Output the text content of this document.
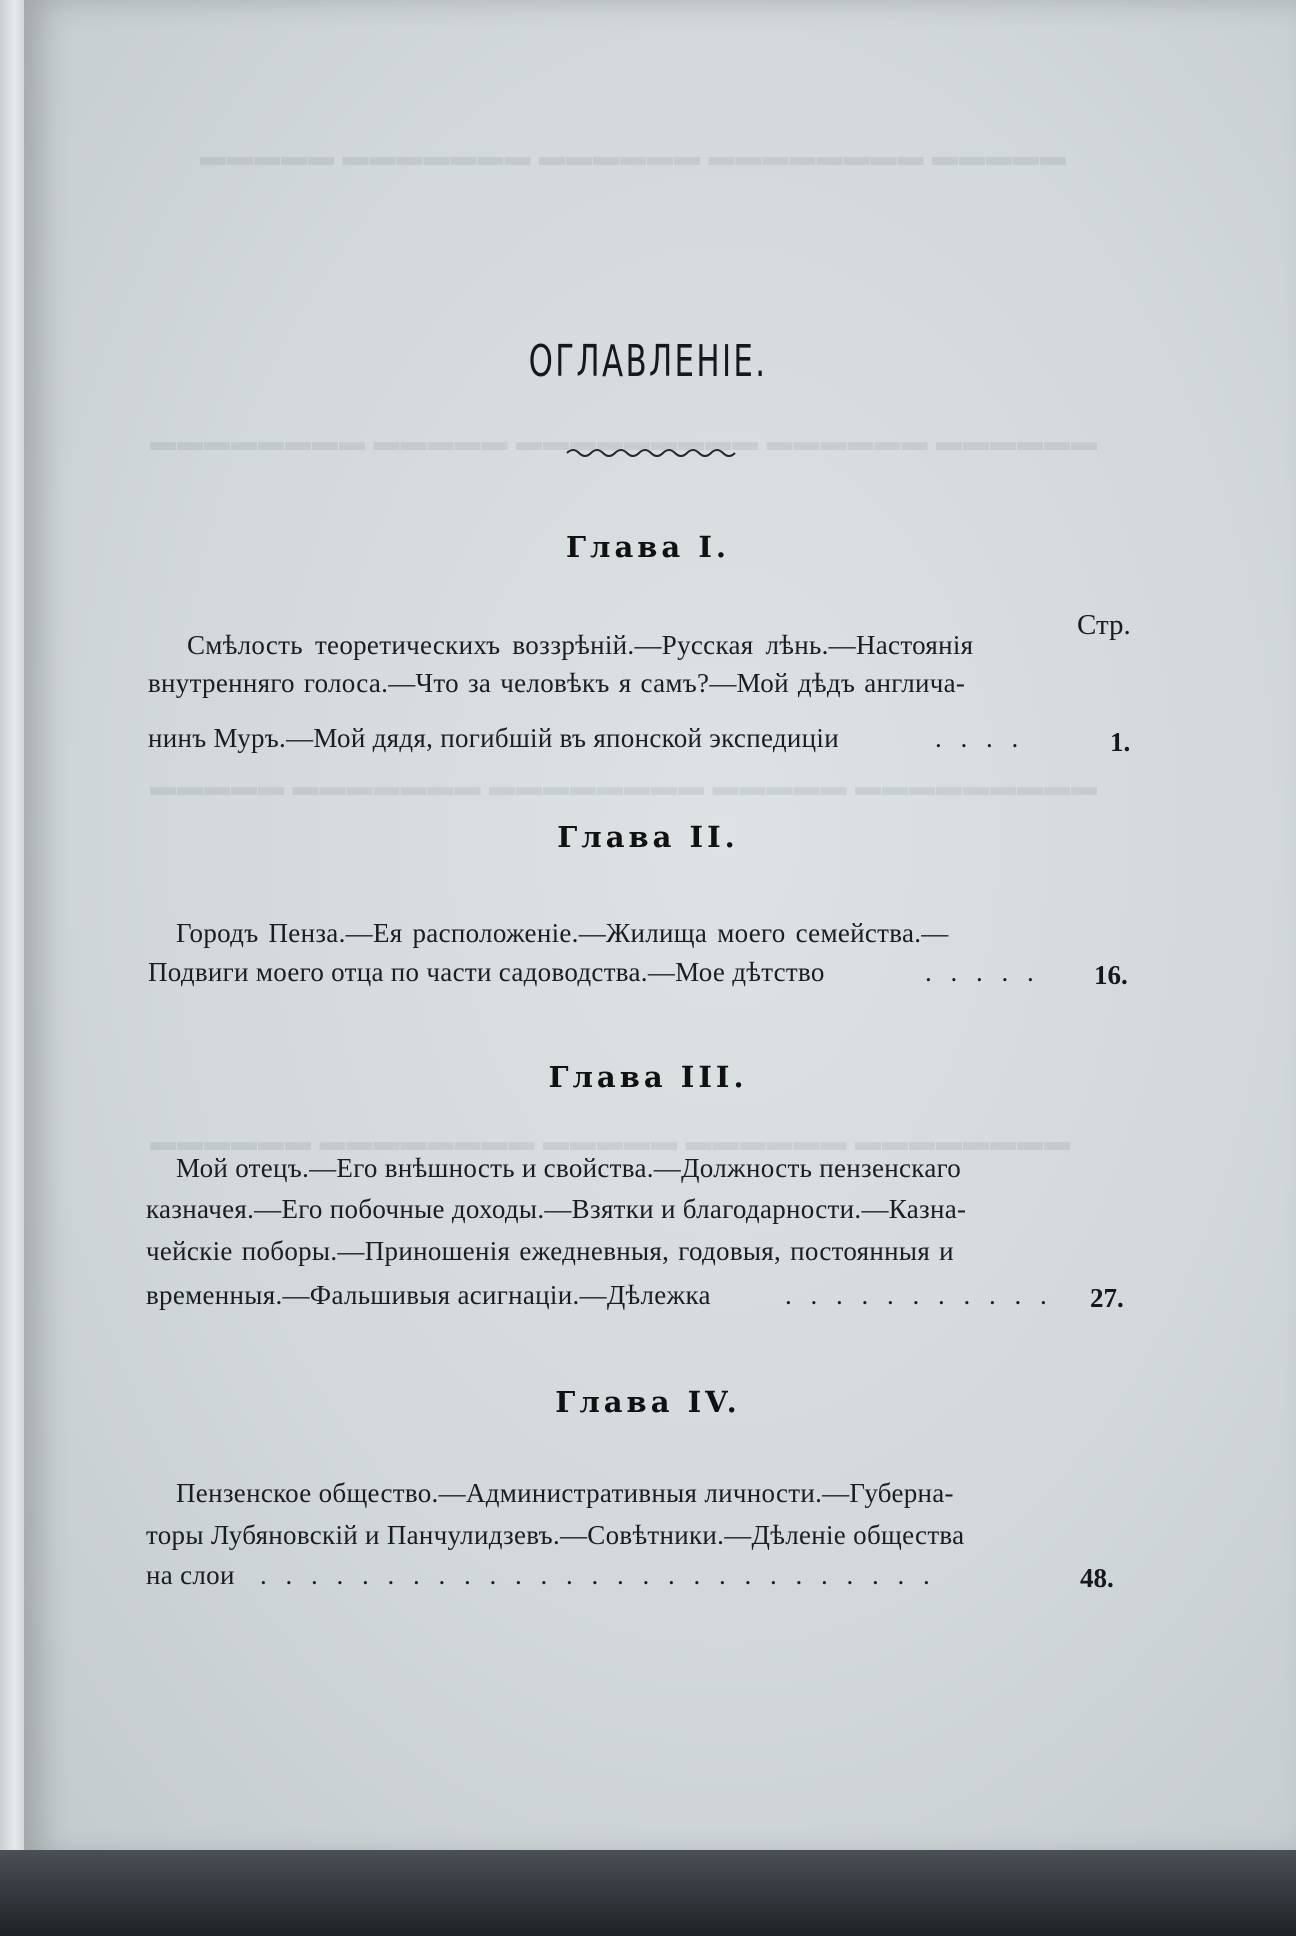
▬▬▬▬▬ ▬▬▬▬▬▬▬ ▬▬▬▬▬▬ ▬▬▬▬▬▬▬▬ ▬▬▬▬▬
▬▬▬▬▬▬▬▬ ▬▬▬▬▬ ▬▬▬▬▬▬▬▬▬ ▬▬▬▬▬▬ ▬▬▬▬▬▬
▬▬▬▬▬ ▬▬▬▬▬▬▬ ▬▬▬▬▬▬▬▬ ▬▬▬▬▬ ▬▬▬▬▬▬▬▬▬
▬▬▬▬▬▬ ▬▬▬▬▬▬▬▬ ▬▬▬▬▬ ▬▬▬▬▬▬ ▬▬▬▬▬▬▬▬
ОГЛАВЛЕНІЕ.
Стр.
Глава I.
Смѣлость теоретическихъ воззрѣній.—Русская лѣнь.—Настоянія
внутренняго голоса.—Что за человѣкъ я самъ?—Мой дѣдъ англича-
нинъ Муръ.—Мой дядя, погибшій въ японской экспедиціи	. . . .	1.
Глава II.
Городъ Пенза.—Ея расположеніе.—Жилища моего семейства.—
Подвиги моего отца по части садоводства.—Мое дѣтство	. . . . . 16.
Глава III.
Мой отецъ.—Его внѣшность и свойства.—Должность пензенскаго
казначея.—Его побочные доходы.—Взятки и благодарности.—Казна-
чейскіе поборы.—Приношенія ежедневныя, годовыя, постоянныя и
временныя.—Фальшивыя асигнаціи.—Дѣлежка	. . . . . . . . . . . 27.
Глава IV.
Пензенское общество.—Административныя личности.—Губерна-
торы Лубяновскій и Панчулидзевъ.—Совѣтники.—Дѣленіе общества
на слои . . . . . . . . . . . . . . . . . . . . . . . . . . .	48.
